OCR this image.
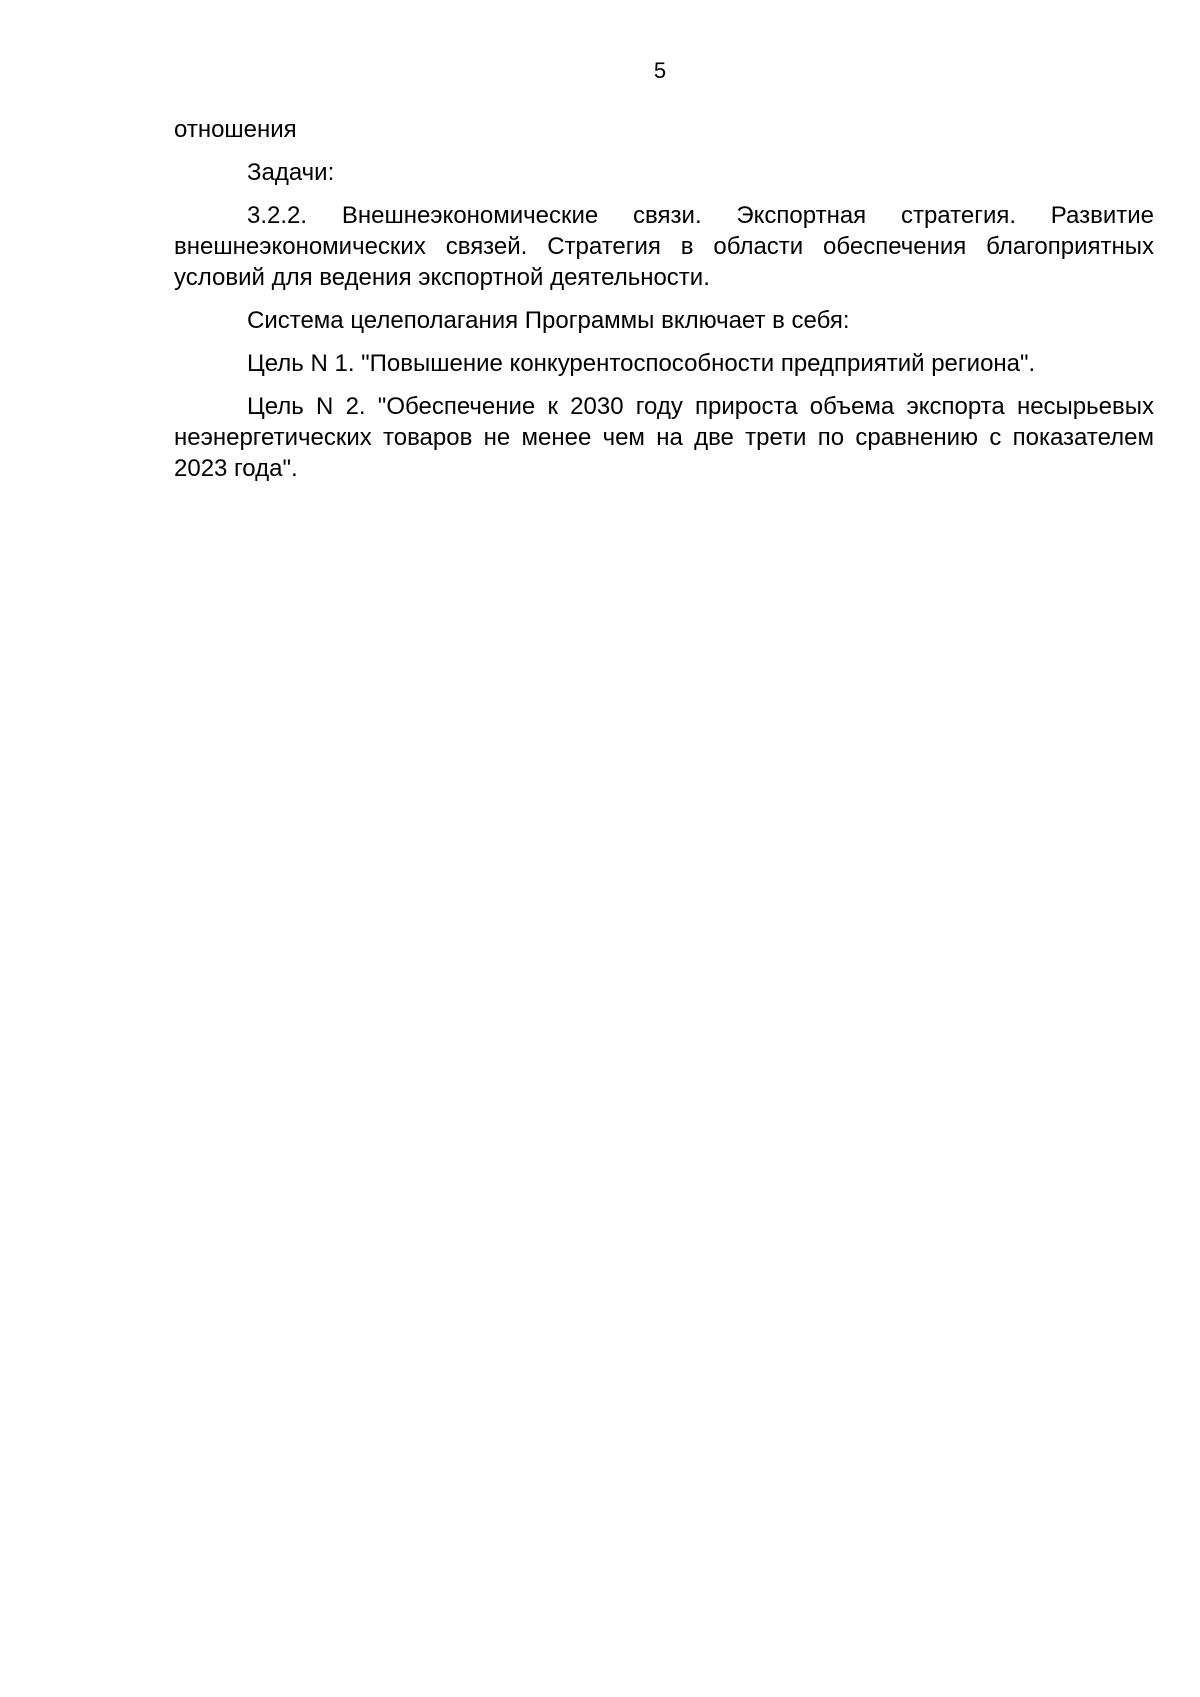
5

отношения

Задачи:

3.2.2. Внешнеэкономические связи. Экспортная стратегия. Развитие внешнеэкономических связей. Стратегия в области обеспечения благоприятных условий для ведения экспортной деятельности.

Система целеполагания Программы включает в себя:

Цель N 1. "Повышение конкурентоспособности предприятий региона".

Цель N 2. "Обеспечение к 2030 году прироста объема экспорта несырьевых неэнергетических товаров не менее чем на две трети по сравнению с показателем 2023 года".
